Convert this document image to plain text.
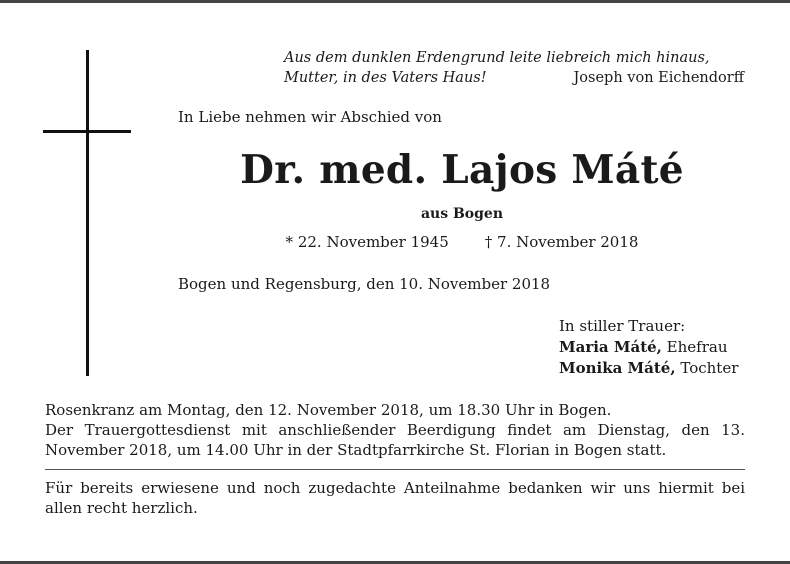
Aus dem dunklen Erdengrund leite liebreich mich hinaus,
Mutter, in des Vaters Haus!	Joseph von Eichendorff
In Liebe nehmen wir Abschied von
Dr. med. Lajos Máté
aus Bogen
* 22. November 1945 † 7. November 2018
Bogen und Regensburg, den 10. November 2018
In stiller Trauer:
Maria Máté, Ehefrau
Monika Máté, Tochter
Rosenkranz am Montag, den 12. November 2018, um 18.30 Uhr in Bogen.
Der Trauergottesdienst mit anschließender Beerdigung findet am Dienstag, den 13. November 2018, um 14.00 Uhr in der Stadtpfarrkirche St. Florian in Bogen statt.
Für bereits erwiesene und noch zugedachte Anteilnahme bedanken wir uns hiermit bei allen recht herzlich.
